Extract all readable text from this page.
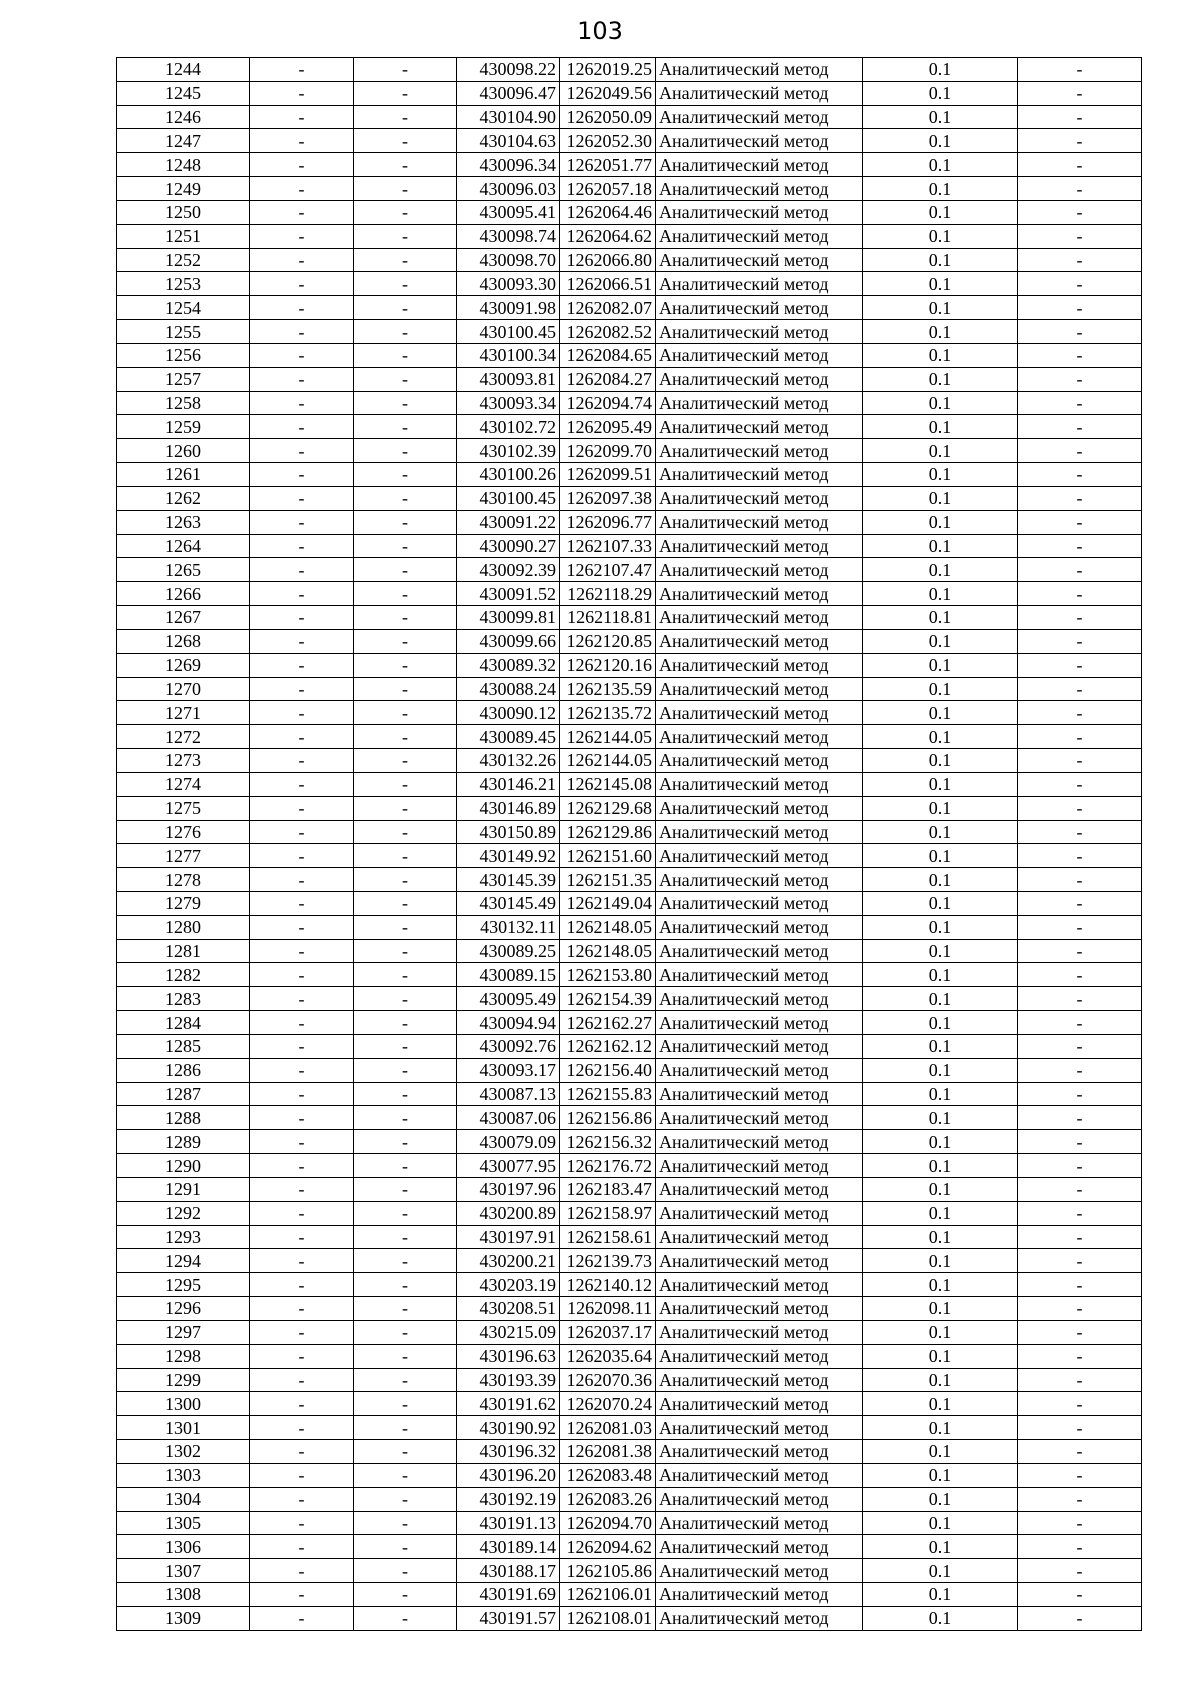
103
1244	-	-	430098.22	1262019.25	Аналитический метод	0.1	-
1245	-	-	430096.47	1262049.56	Аналитический метод	0.1	-
1246	-	-	430104.90	1262050.09	Аналитический метод	0.1	-
1247	-	-	430104.63	1262052.30	Аналитический метод	0.1	-
1248	-	-	430096.34	1262051.77	Аналитический метод	0.1	-
1249	-	-	430096.03	1262057.18	Аналитический метод	0.1	-
1250	-	-	430095.41	1262064.46	Аналитический метод	0.1	-
1251	-	-	430098.74	1262064.62	Аналитический метод	0.1	-
1252	-	-	430098.70	1262066.80	Аналитический метод	0.1	-
1253	-	-	430093.30	1262066.51	Аналитический метод	0.1	-
1254	-	-	430091.98	1262082.07	Аналитический метод	0.1	-
1255	-	-	430100.45	1262082.52	Аналитический метод	0.1	-
1256	-	-	430100.34	1262084.65	Аналитический метод	0.1	-
1257	-	-	430093.81	1262084.27	Аналитический метод	0.1	-
1258	-	-	430093.34	1262094.74	Аналитический метод	0.1	-
1259	-	-	430102.72	1262095.49	Аналитический метод	0.1	-
1260	-	-	430102.39	1262099.70	Аналитический метод	0.1	-
1261	-	-	430100.26	1262099.51	Аналитический метод	0.1	-
1262	-	-	430100.45	1262097.38	Аналитический метод	0.1	-
1263	-	-	430091.22	1262096.77	Аналитический метод	0.1	-
1264	-	-	430090.27	1262107.33	Аналитический метод	0.1	-
1265	-	-	430092.39	1262107.47	Аналитический метод	0.1	-
1266	-	-	430091.52	1262118.29	Аналитический метод	0.1	-
1267	-	-	430099.81	1262118.81	Аналитический метод	0.1	-
1268	-	-	430099.66	1262120.85	Аналитический метод	0.1	-
1269	-	-	430089.32	1262120.16	Аналитический метод	0.1	-
1270	-	-	430088.24	1262135.59	Аналитический метод	0.1	-
1271	-	-	430090.12	1262135.72	Аналитический метод	0.1	-
1272	-	-	430089.45	1262144.05	Аналитический метод	0.1	-
1273	-	-	430132.26	1262144.05	Аналитический метод	0.1	-
1274	-	-	430146.21	1262145.08	Аналитический метод	0.1	-
1275	-	-	430146.89	1262129.68	Аналитический метод	0.1	-
1276	-	-	430150.89	1262129.86	Аналитический метод	0.1	-
1277	-	-	430149.92	1262151.60	Аналитический метод	0.1	-
1278	-	-	430145.39	1262151.35	Аналитический метод	0.1	-
1279	-	-	430145.49	1262149.04	Аналитический метод	0.1	-
1280	-	-	430132.11	1262148.05	Аналитический метод	0.1	-
1281	-	-	430089.25	1262148.05	Аналитический метод	0.1	-
1282	-	-	430089.15	1262153.80	Аналитический метод	0.1	-
1283	-	-	430095.49	1262154.39	Аналитический метод	0.1	-
1284	-	-	430094.94	1262162.27	Аналитический метод	0.1	-
1285	-	-	430092.76	1262162.12	Аналитический метод	0.1	-
1286	-	-	430093.17	1262156.40	Аналитический метод	0.1	-
1287	-	-	430087.13	1262155.83	Аналитический метод	0.1	-
1288	-	-	430087.06	1262156.86	Аналитический метод	0.1	-
1289	-	-	430079.09	1262156.32	Аналитический метод	0.1	-
1290	-	-	430077.95	1262176.72	Аналитический метод	0.1	-
1291	-	-	430197.96	1262183.47	Аналитический метод	0.1	-
1292	-	-	430200.89	1262158.97	Аналитический метод	0.1	-
1293	-	-	430197.91	1262158.61	Аналитический метод	0.1	-
1294	-	-	430200.21	1262139.73	Аналитический метод	0.1	-
1295	-	-	430203.19	1262140.12	Аналитический метод	0.1	-
1296	-	-	430208.51	1262098.11	Аналитический метод	0.1	-
1297	-	-	430215.09	1262037.17	Аналитический метод	0.1	-
1298	-	-	430196.63	1262035.64	Аналитический метод	0.1	-
1299	-	-	430193.39	1262070.36	Аналитический метод	0.1	-
1300	-	-	430191.62	1262070.24	Аналитический метод	0.1	-
1301	-	-	430190.92	1262081.03	Аналитический метод	0.1	-
1302	-	-	430196.32	1262081.38	Аналитический метод	0.1	-
1303	-	-	430196.20	1262083.48	Аналитический метод	0.1	-
1304	-	-	430192.19	1262083.26	Аналитический метод	0.1	-
1305	-	-	430191.13	1262094.70	Аналитический метод	0.1	-
1306	-	-	430189.14	1262094.62	Аналитический метод	0.1	-
1307	-	-	430188.17	1262105.86	Аналитический метод	0.1	-
1308	-	-	430191.69	1262106.01	Аналитический метод	0.1	-
1309	-	-	430191.57	1262108.01	Аналитический метод	0.1	-
